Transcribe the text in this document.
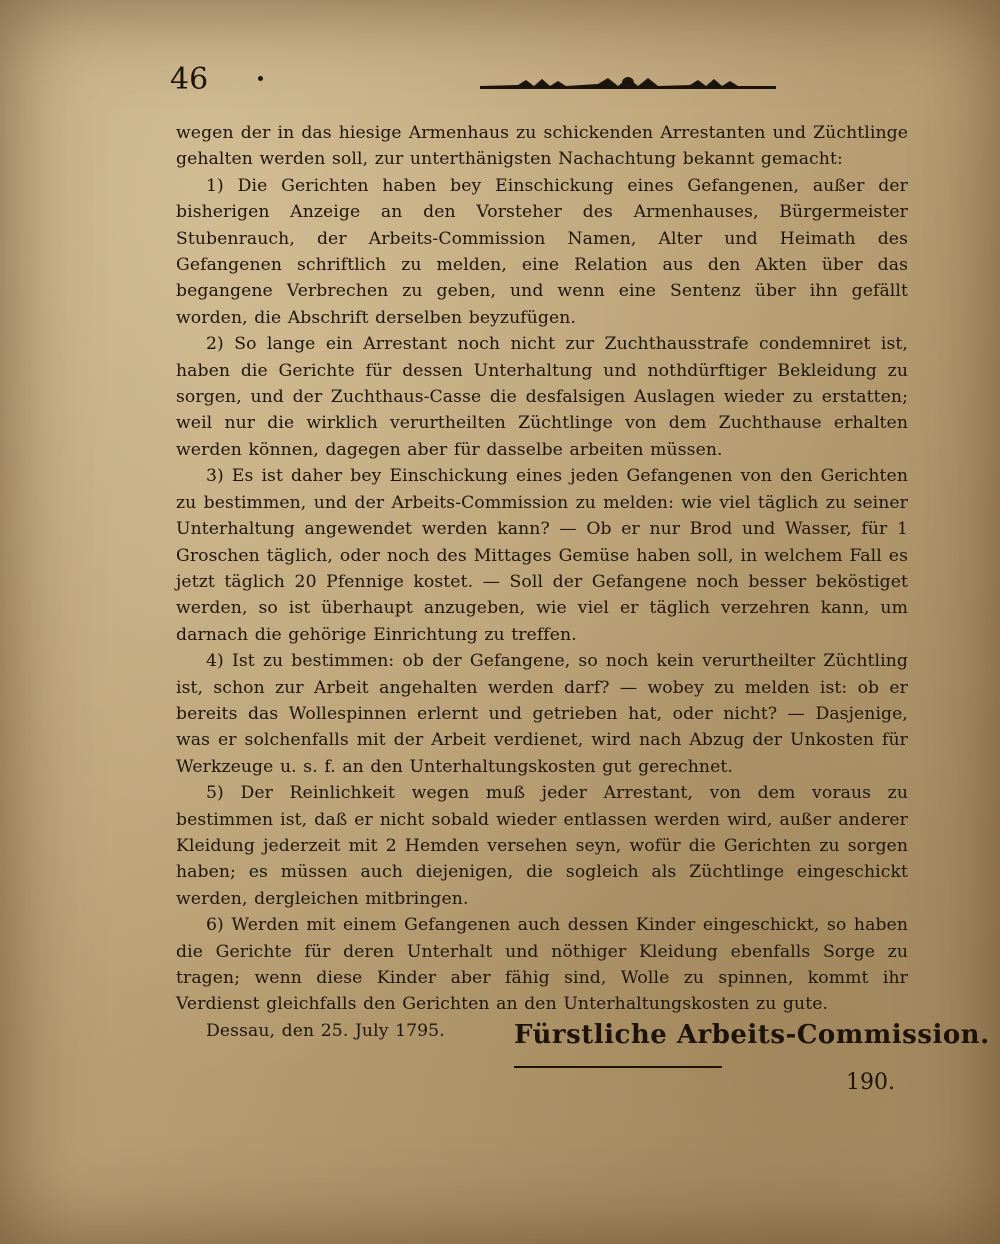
46

wegen der in das hiesige Armenhaus zu schickenden Arrestanten und Züchtlinge gehalten werden soll, zur unterthänigsten Nachachtung bekannt gemacht:

1) Die Gerichten haben bey Einschickung eines Gefangenen, außer der bisherigen Anzeige an den Vorsteher des Armenhauses, Bürgermeister Stubenrauch, der Arbeits-Commission Namen, Alter und Heimath des Gefangenen schriftlich zu melden, eine Relation aus den Akten über das begangene Verbrechen zu geben, und wenn eine Sentenz über ihn gefällt worden, die Abschrift derselben beyzufügen.

2) So lange ein Arrestant noch nicht zur Zuchthausstrafe condemniret ist, haben die Gerichte für dessen Unterhaltung und nothdürftiger Bekleidung zu sorgen, und der Zuchthaus-Casse die desfalsigen Auslagen wieder zu erstatten; weil nur die wirklich verurtheilten Züchtlinge von dem Zuchthause erhalten werden können, dagegen aber für dasselbe arbeiten müssen.

3) Es ist daher bey Einschickung eines jeden Gefangenen von den Gerichten zu bestimmen, und der Arbeits-Commission zu melden: wie viel täglich zu seiner Unterhaltung angewendet werden kann? — Ob er nur Brod und Wasser, für 1 Groschen täglich, oder noch des Mittages Gemüse haben soll, in welchem Fall es jetzt täglich 20 Pfennige kostet. — Soll der Gefangene noch besser beköstiget werden, so ist überhaupt anzugeben, wie viel er täglich verzehren kann, um darnach die gehörige Einrichtung zu treffen.

4) Ist zu bestimmen: ob der Gefangene, so noch kein verurtheilter Züchtling ist, schon zur Arbeit angehalten werden darf? — wobey zu melden ist: ob er bereits das Wollespinnen erlernt und getrieben hat, oder nicht? — Dasjenige, was er solchenfalls mit der Arbeit verdienet, wird nach Abzug der Unkosten für Werkzeuge u. s. f. an den Unterhaltungskosten gut gerechnet.

5) Der Reinlichkeit wegen muß jeder Arrestant, von dem voraus zu bestimmen ist, daß er nicht sobald wieder entlassen werden wird, außer anderer Kleidung jederzeit mit 2 Hemden versehen seyn, wofür die Gerichten zu sorgen haben; es müssen auch diejenigen, die sogleich als Züchtlinge eingeschickt werden, dergleichen mitbringen.

6) Werden mit einem Gefangenen auch dessen Kinder eingeschickt, so haben die Gerichte für deren Unterhalt und nöthiger Kleidung ebenfalls Sorge zu tragen; wenn diese Kinder aber fähig sind, Wolle zu spinnen, kommt ihr Verdienst gleichfalls den Gerichten an den Unterhaltungskosten zu gute.

Dessau, den 25. July 1795.	Fürstliche Arbeits-Commission.
190.
